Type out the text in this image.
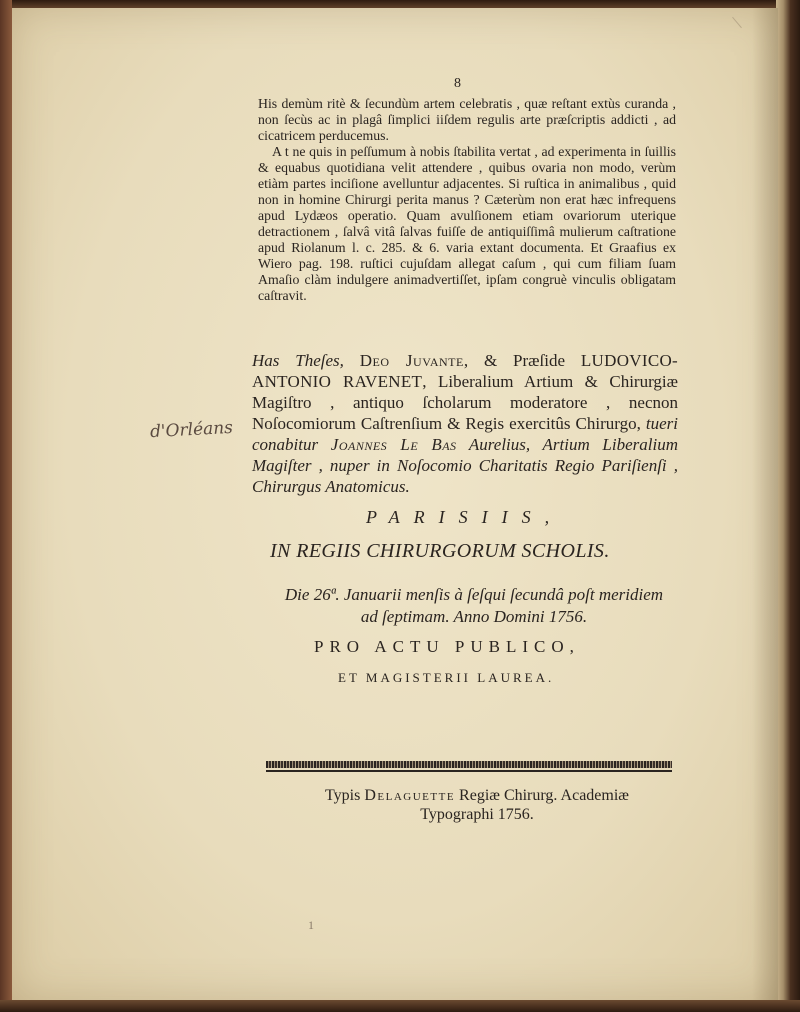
8

His demùm ritè & ſecundùm artem celebratis , quæ reſtant extùs curanda , non ſecùs ac in plagâ ſimplici iiſdem regulis arte præſcriptis addicti , ad cicatricem perducemus.

A t ne quis in peſſumum à nobis ſtabilita vertat , ad experimenta in ſuillis & equabus quotidiana velit attendere , quibus ovaria non modo, verùm etiàm partes inciſione avelluntur adjacentes. Si ruſtica in animalibus , quid non in homine Chirurgi perita manus ? Cæterùm non erat hæc infrequens apud Lydæos operatio. Quam avulſionem etiam ovariorum uterique detractionem , ſalvâ vitâ ſalvas fuiſſe de antiquiſſimâ mulierum caſtratione apud Riolanum l. c. 285. & 6. varia extant documenta. Et Graafius ex Wiero pag. 198. ruſtici cujuſdam allegat caſum , qui cum filiam ſuam Amaſio clàm indulgere animadvertiſſet, ipſam congruè vinculis obligatam caſtravit.

Has Theſes, Deo Juvante, & Præſide LUDOVICO-ANTONIO RAVENET, Liberalium Artium & Chirurgiæ Magiſtro , antiquo ſcholarum moderatore , necnon Noſocomiorum Caſtrenſium & Regis exercitûs Chirurgo, tueri conabitur Joannes Le Bas Aurelius, Artium Liberalium Magiſter , nuper in Noſocomio Charitatis Regio Pariſienſi , Chirurgus Anatomicus.
d'Orléans
PARISIIS,
IN REGIIS CHIRURGORUM SCHOLIS.
Die 26ª. Januarii menſis à ſeſqui ſecundâ poſt meridiem
ad ſeptimam. Anno Domini 1756.
PRO ACTU PUBLICO,
ET MAGISTERII LAUREA.
Typis Delaguette Regiæ Chirurg. Academiæ
Typographi 1756.
1
